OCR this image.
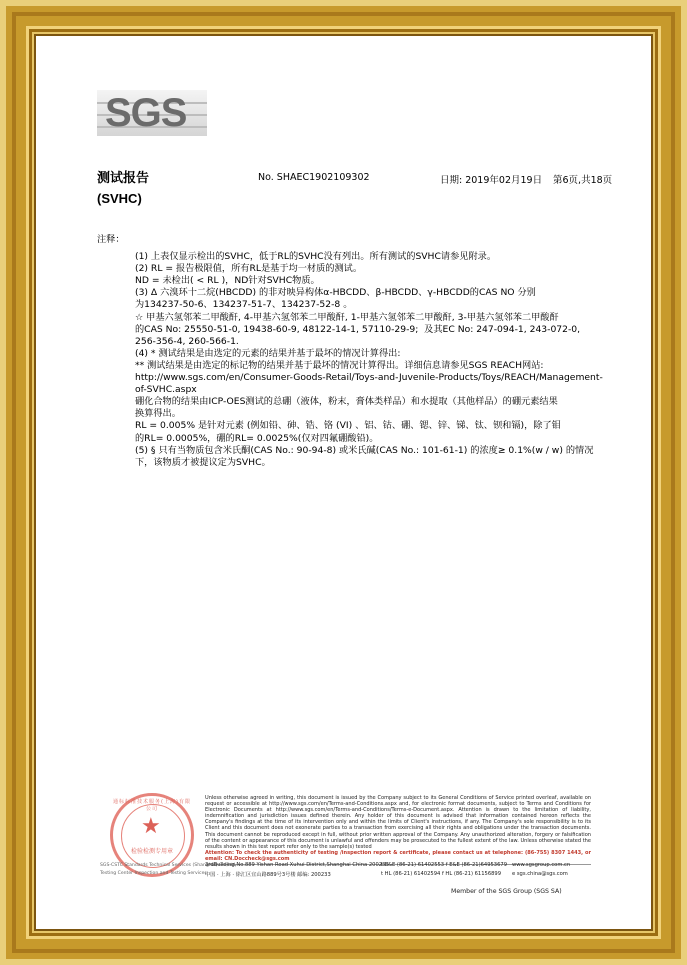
SGS
测试报告
(SVHC)
No. SHAEC1902109302	日期: 2019年02月19日 第6页,共18页
注释：
(1) 上表仅显示检出的SVHC，低于RL的SVHC没有列出。所有测试的SVHC请参见附录。
(2) RL = 报告极限值，所有RL是基于均一材质的测试。
ND = 未检出( < RL )，ND针对SVHC物质。
(3) Δ 六溴环十二烷(HBCDD) 的非对映异构体α-HBCDD、β-HBCDD、γ-HBCDD的CAS NO 分别
为134237-50-6、134237-51-7、134237-52-8 。
☆ 甲基六氢邻苯二甲酸酐, 4-甲基六氢邻苯二甲酸酐, 1-甲基六氢邻苯二甲酸酐, 3-甲基六氢邻苯二甲酸酐
的CAS No: 25550-51-0, 19438-60-9, 48122-14-1, 57110-29-9;  及其EC No: 247-094-1, 243-072-0,
256-356-4, 260-566-1.
(4) * 测试结果是由选定的元素的结果并基于最坏的情况计算得出:
** 测试结果是由选定的标记物的结果并基于最坏的情况计算得出。详细信息请参见SGS REACH网站:
http://www.sgs.com/en/Consumer-Goods-Retail/Toys-and-Juvenile-Products/Toys/REACH/Management-
of-SVHC.aspx
硼化合物的结果由ICP-OES测试的总硼（液体，粉末，膏体类样品）和水提取（其他样品）的硼元素结果
换算得出。
RL = 0.005% 是针对元素 (例如铅、砷、锆、铬 (VI) 、铝、钴、硼、锶、锌、锑、钛、钡和镉)，除了钼
的RL= 0.0005%，硼的RL= 0.0025%(仅对四氟硼酸铅)。
(5) § 只有当物质包含米氏酮(CAS No.: 90-94-8) 或米氏碱(CAS No.: 101-61-1) 的浓度≥ 0.1%(w / w) 的情况
下，该物质才被提议定为SVHC。
通标标准技术服务(上海)有限公司
★
检验检测专用章
SGS-CSTC Standards Technical Services (Shanghai) Co.,Ltd.
Testing Center Inspection and Testing Services
Unless otherwise agreed in writing, this document is issued by the Company subject to its General Conditions of Service printed overleaf, available on request or accessible at http://www.sgs.com/en/Terms-and-Conditions.aspx and, for electronic format documents, subject to Terms and Conditions for Electronic Documents at http://www.sgs.com/en/Terms-and-Conditions/Terms-e-Document.aspx. Attention is drawn to the limitation of liability, indemnification and jurisdiction issues defined therein. Any holder of this document is advised that information contained hereon reflects the Company's findings at the time of its intervention only and within the limits of Client's instructions, if any. The Company's sole responsibility is to its Client and this document does not exonerate parties to a transaction from exercising all their rights and obligations under the transaction documents. This document cannot be reproduced except in full, without prior written approval of the Company. Any unauthorized alteration, forgery or falsification of the content or appearance of this document is unlawful and offenders may be prosecuted to the fullest extent of the law. Unless otherwise stated the results shown in this test report refer only to the sample(s) tested
Attention: To check the authenticity of testing /inspection report & certificate, please contact us at telephone: (86-755) 8307 1443, or email: CN.Doccheck@sgs.com
3rdBuilding,No.889 Yishan Road Xuhui District,Shanghai China 200233
中国 · 上海 · 徐汇区宜山路889号3号楼 邮编: 200233
t E&E (86-21) 61402553 f E&E (86-21)64953679
t HL (86-21) 61402594 f HL (86-21) 61156899
www.sgsgroup.com.cn
e sgs.china@sgs.com
Member of the SGS Group (SGS SA)
